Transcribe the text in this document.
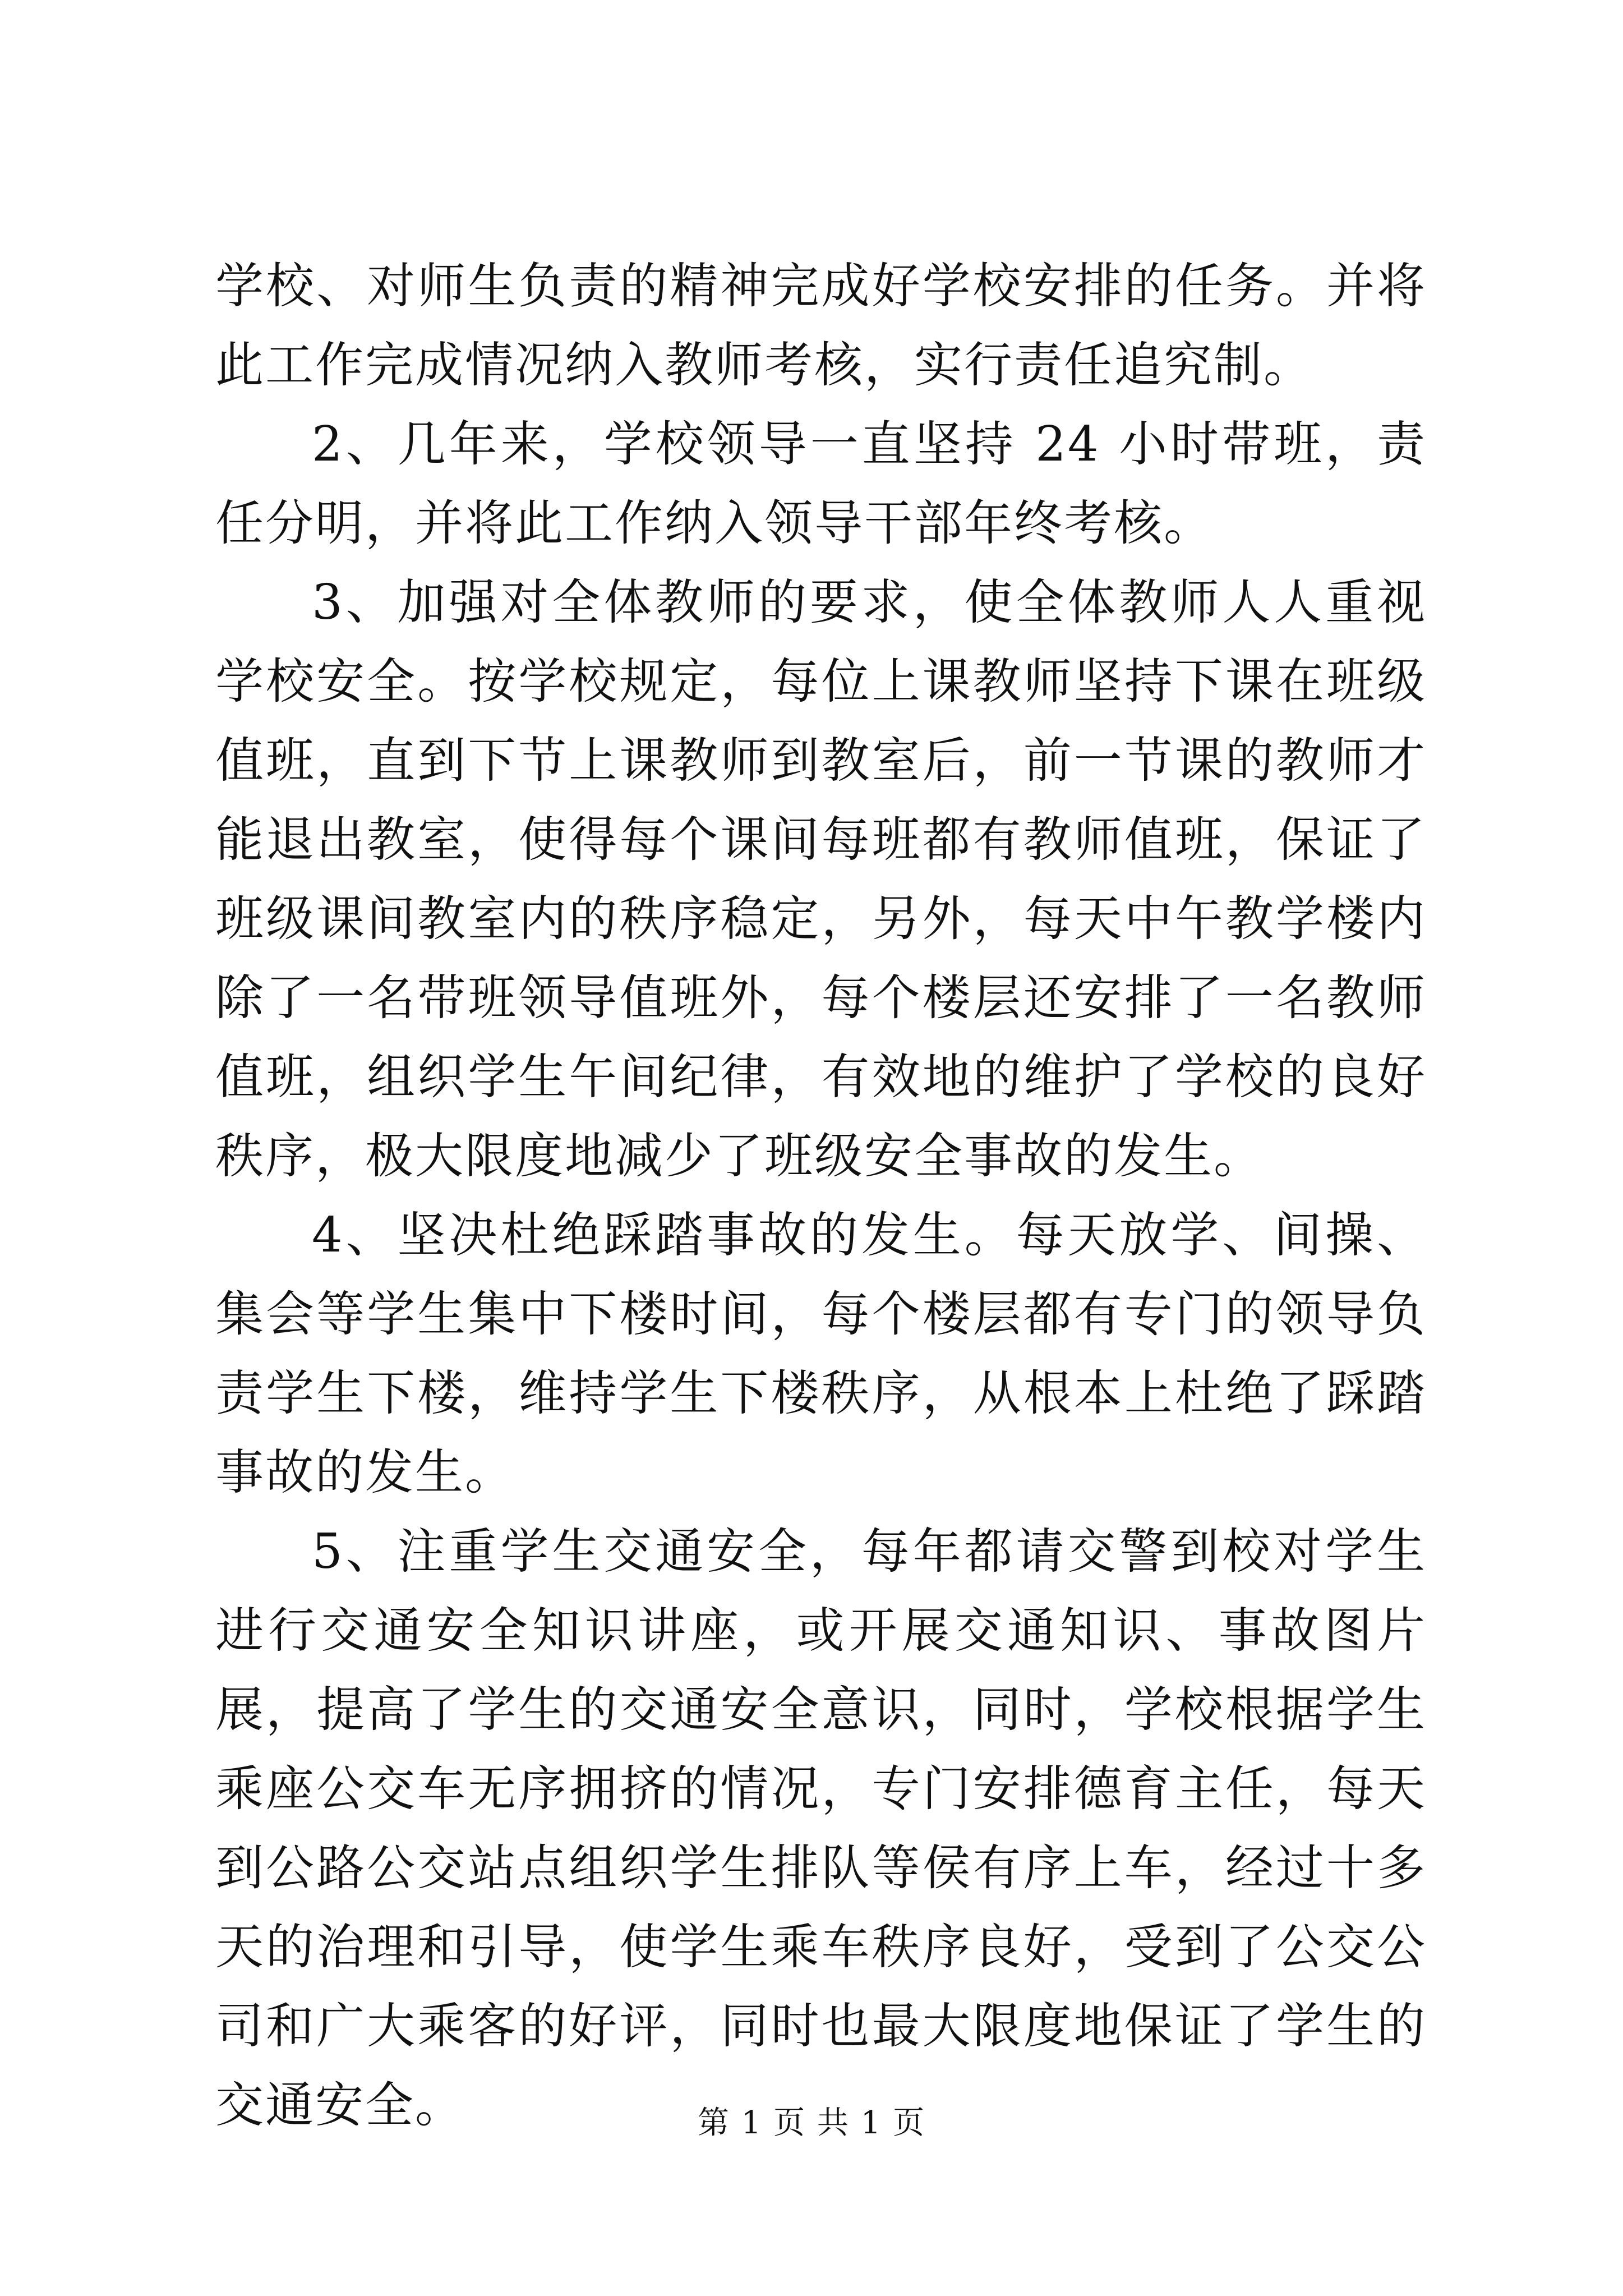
学校、对师生负责的精神完成好学校安排的任务。并将此工作完成情况纳入教师考核，实行责任追究制。

2、几年来，学校领导一直坚持 24 小时带班，责任分明，并将此工作纳入领导干部年终考核。

3、加强对全体教师的要求，使全体教师人人重视学校安全。按学校规定，每位上课教师坚持下课在班级值班，直到下节上课教师到教室后，前一节课的教师才能退出教室，使得每个课间每班都有教师值班，保证了班级课间教室内的秩序稳定，另外，每天中午教学楼内除了一名带班领导值班外，每个楼层还安排了一名教师值班，组织学生午间纪律，有效地的维护了学校的良好秩序，极大限度地减少了班级安全事故的发生。

4、坚决杜绝踩踏事故的发生。每天放学、间操、集会等学生集中下楼时间，每个楼层都有专门的领导负责学生下楼，维持学生下楼秩序，从根本上杜绝了踩踏事故的发生。

5、注重学生交通安全，每年都请交警到校对学生进行交通安全知识讲座，或开展交通知识、事故图片展，提高了学生的交通安全意识，同时，学校根据学生乘座公交车无序拥挤的情况，专门安排德育主任，每天到公路公交站点组织学生排队等侯有序上车，经过十多天的治理和引导，使学生乘车秩序良好，受到了公交公司和广大乘客的好评，同时也最大限度地保证了学生的交通安全。	第 1 页 共 1 页
